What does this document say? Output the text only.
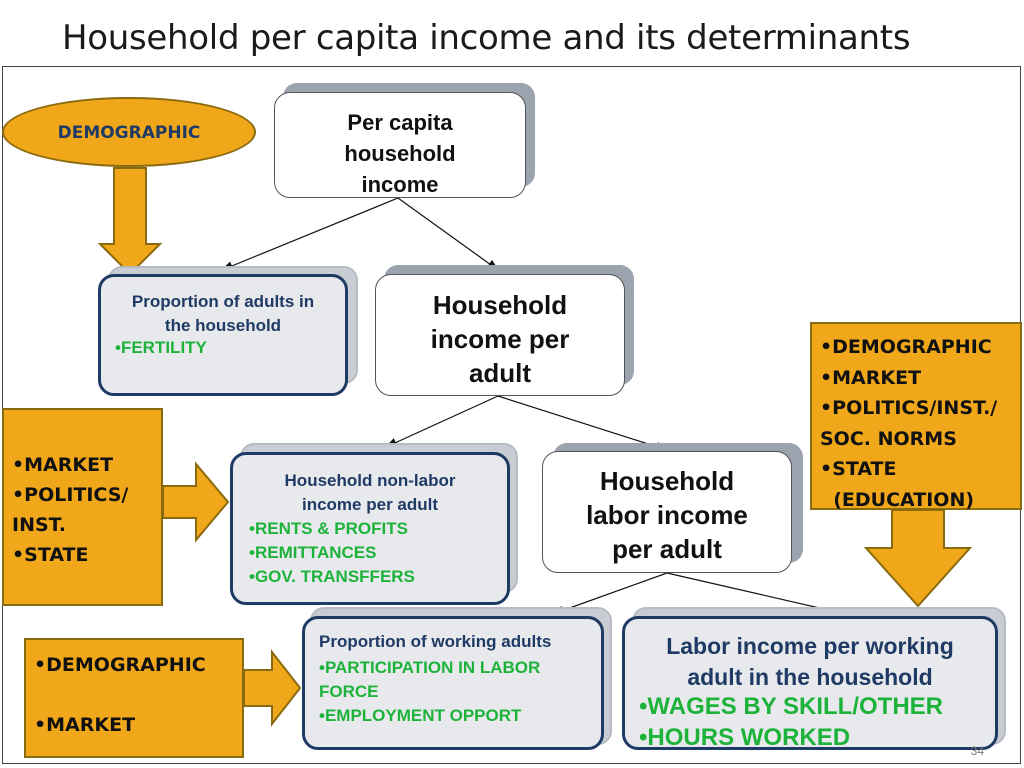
Household per capita income and its determinants
DEMOGRAPHIC	Per capita
household
income
Proportion of adults in
the household
•FERTILITY
Household
income per
adult
Household non-labor
income per adult
•RENTS & PROFITS
•REMITTANCES
•GOV. TRANSFFERS
Household
labor income
per adult
Proportion of working adults
•PARTICIPATION IN LABOR
FORCE
•EMPLOYMENT OPPORT
Labor income per working
adult in the household
•WAGES BY SKILL/OTHER
•HOURS WORKED
•MARKET
•POLITICS/
INST.
•STATE
•DEMOGRAPHIC
•MARKET
•POLITICS/INST./
SOC. NORMS
•STATE
(EDUCATION)
•DEMOGRAPHIC
•MARKET
34
